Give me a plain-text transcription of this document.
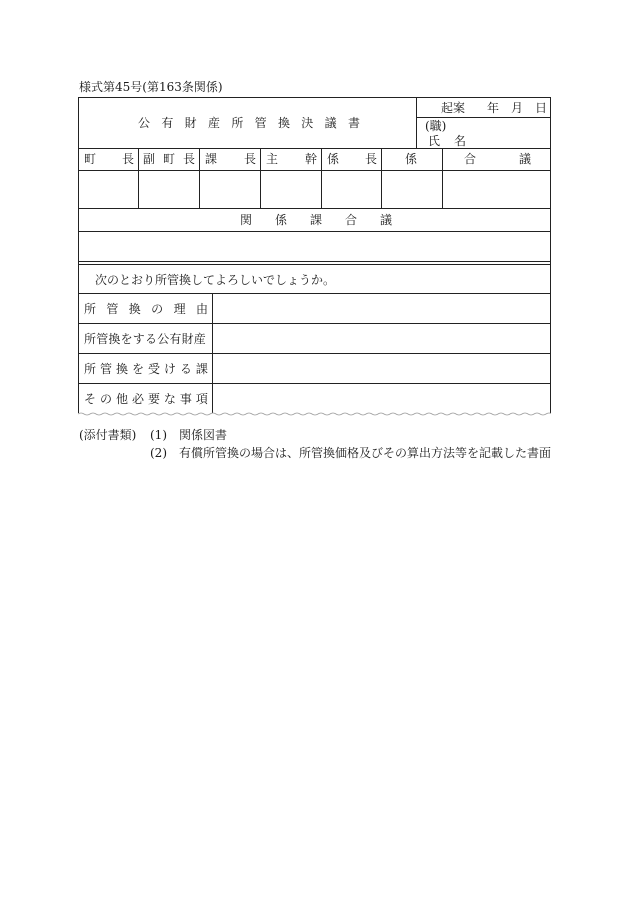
様式第45号(第163条関係)
公 有 財 産 所 管 換 決 議 書
起案 年 月 日
(職)
氏 名
町 長 副 町 長 課 長 主 幹 係 長 係	合	議
関 係 課 合 議
次のとおり所管換してよろしいでしょうか。
所 管 換 の 理 由
所管換をする公有財産
所 管 換 を 受 け る 課
そ の 他 必 要 な 事 項
(添付書類) (1) 関係図書
(2) 有償所管換の場合は、所管換価格及びその算出方法等を記載した書面
